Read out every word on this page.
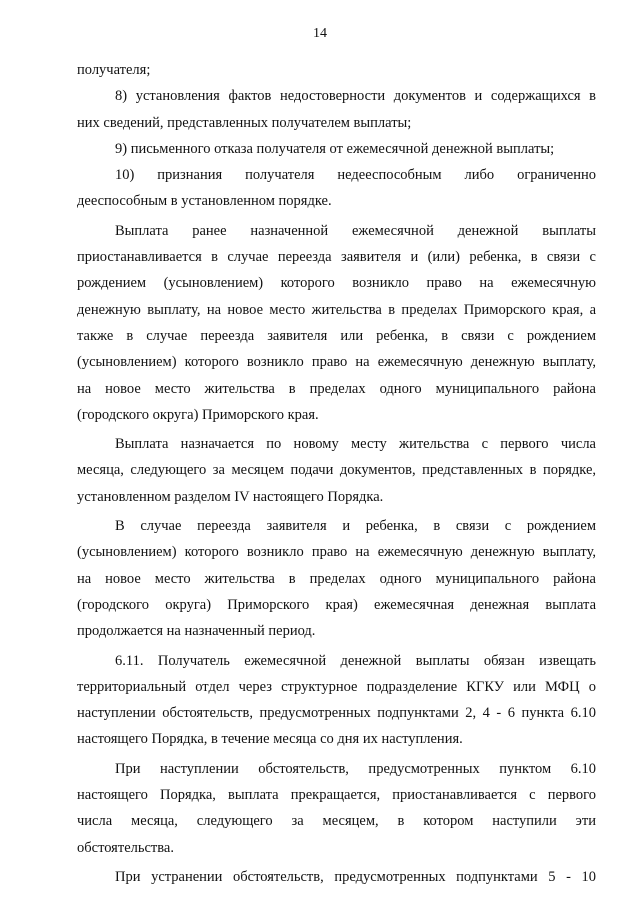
14
получателя;
8) установления фактов недостоверности документов и содержащихся в
них сведений, представленных получателем выплаты;
9) письменного отказа получателя от ежемесячной денежной выплаты;
10) признания получателя недееспособным либо ограниченно
дееспособным в установленном порядке.
Выплата ранее назначенной ежемесячной денежной выплаты
приостанавливается в случае переезда заявителя и (или) ребенка, в связи с
рождением (усыновлением) которого возникло право на ежемесячную
денежную выплату, на новое место жительства в пределах Приморского края, а
также в случае переезда заявителя или ребенка, в связи с рождением
(усыновлением) которого возникло право на ежемесячную денежную выплату,
на новое место жительства в пределах одного муниципального района
(городского округа) Приморского края.
Выплата назначается по новому месту жительства с первого числа
месяца, следующего за месяцем подачи документов, представленных в порядке,
установленном разделом IV настоящего Порядка.
В случае переезда заявителя и ребенка, в связи с рождением
(усыновлением) которого возникло право на ежемесячную денежную выплату,
на новое место жительства в пределах одного муниципального района
(городского округа) Приморского края) ежемесячная денежная выплата
продолжается на назначенный период.
6.11. Получатель ежемесячной денежной выплаты обязан извещать
территориальный отдел через структурное подразделение КГКУ или МФЦ о
наступлении обстоятельств, предусмотренных подпунктами 2, 4 - 6 пункта 6.10
настоящего Порядка, в течение месяца со дня их наступления.
При наступлении обстоятельств, предусмотренных пунктом 6.10
настоящего Порядка, выплата прекращается, приостанавливается с первого
числа месяца, следующего за месяцем, в котором наступили эти
обстоятельства.
При устранении обстоятельств, предусмотренных подпунктами 5 - 10
